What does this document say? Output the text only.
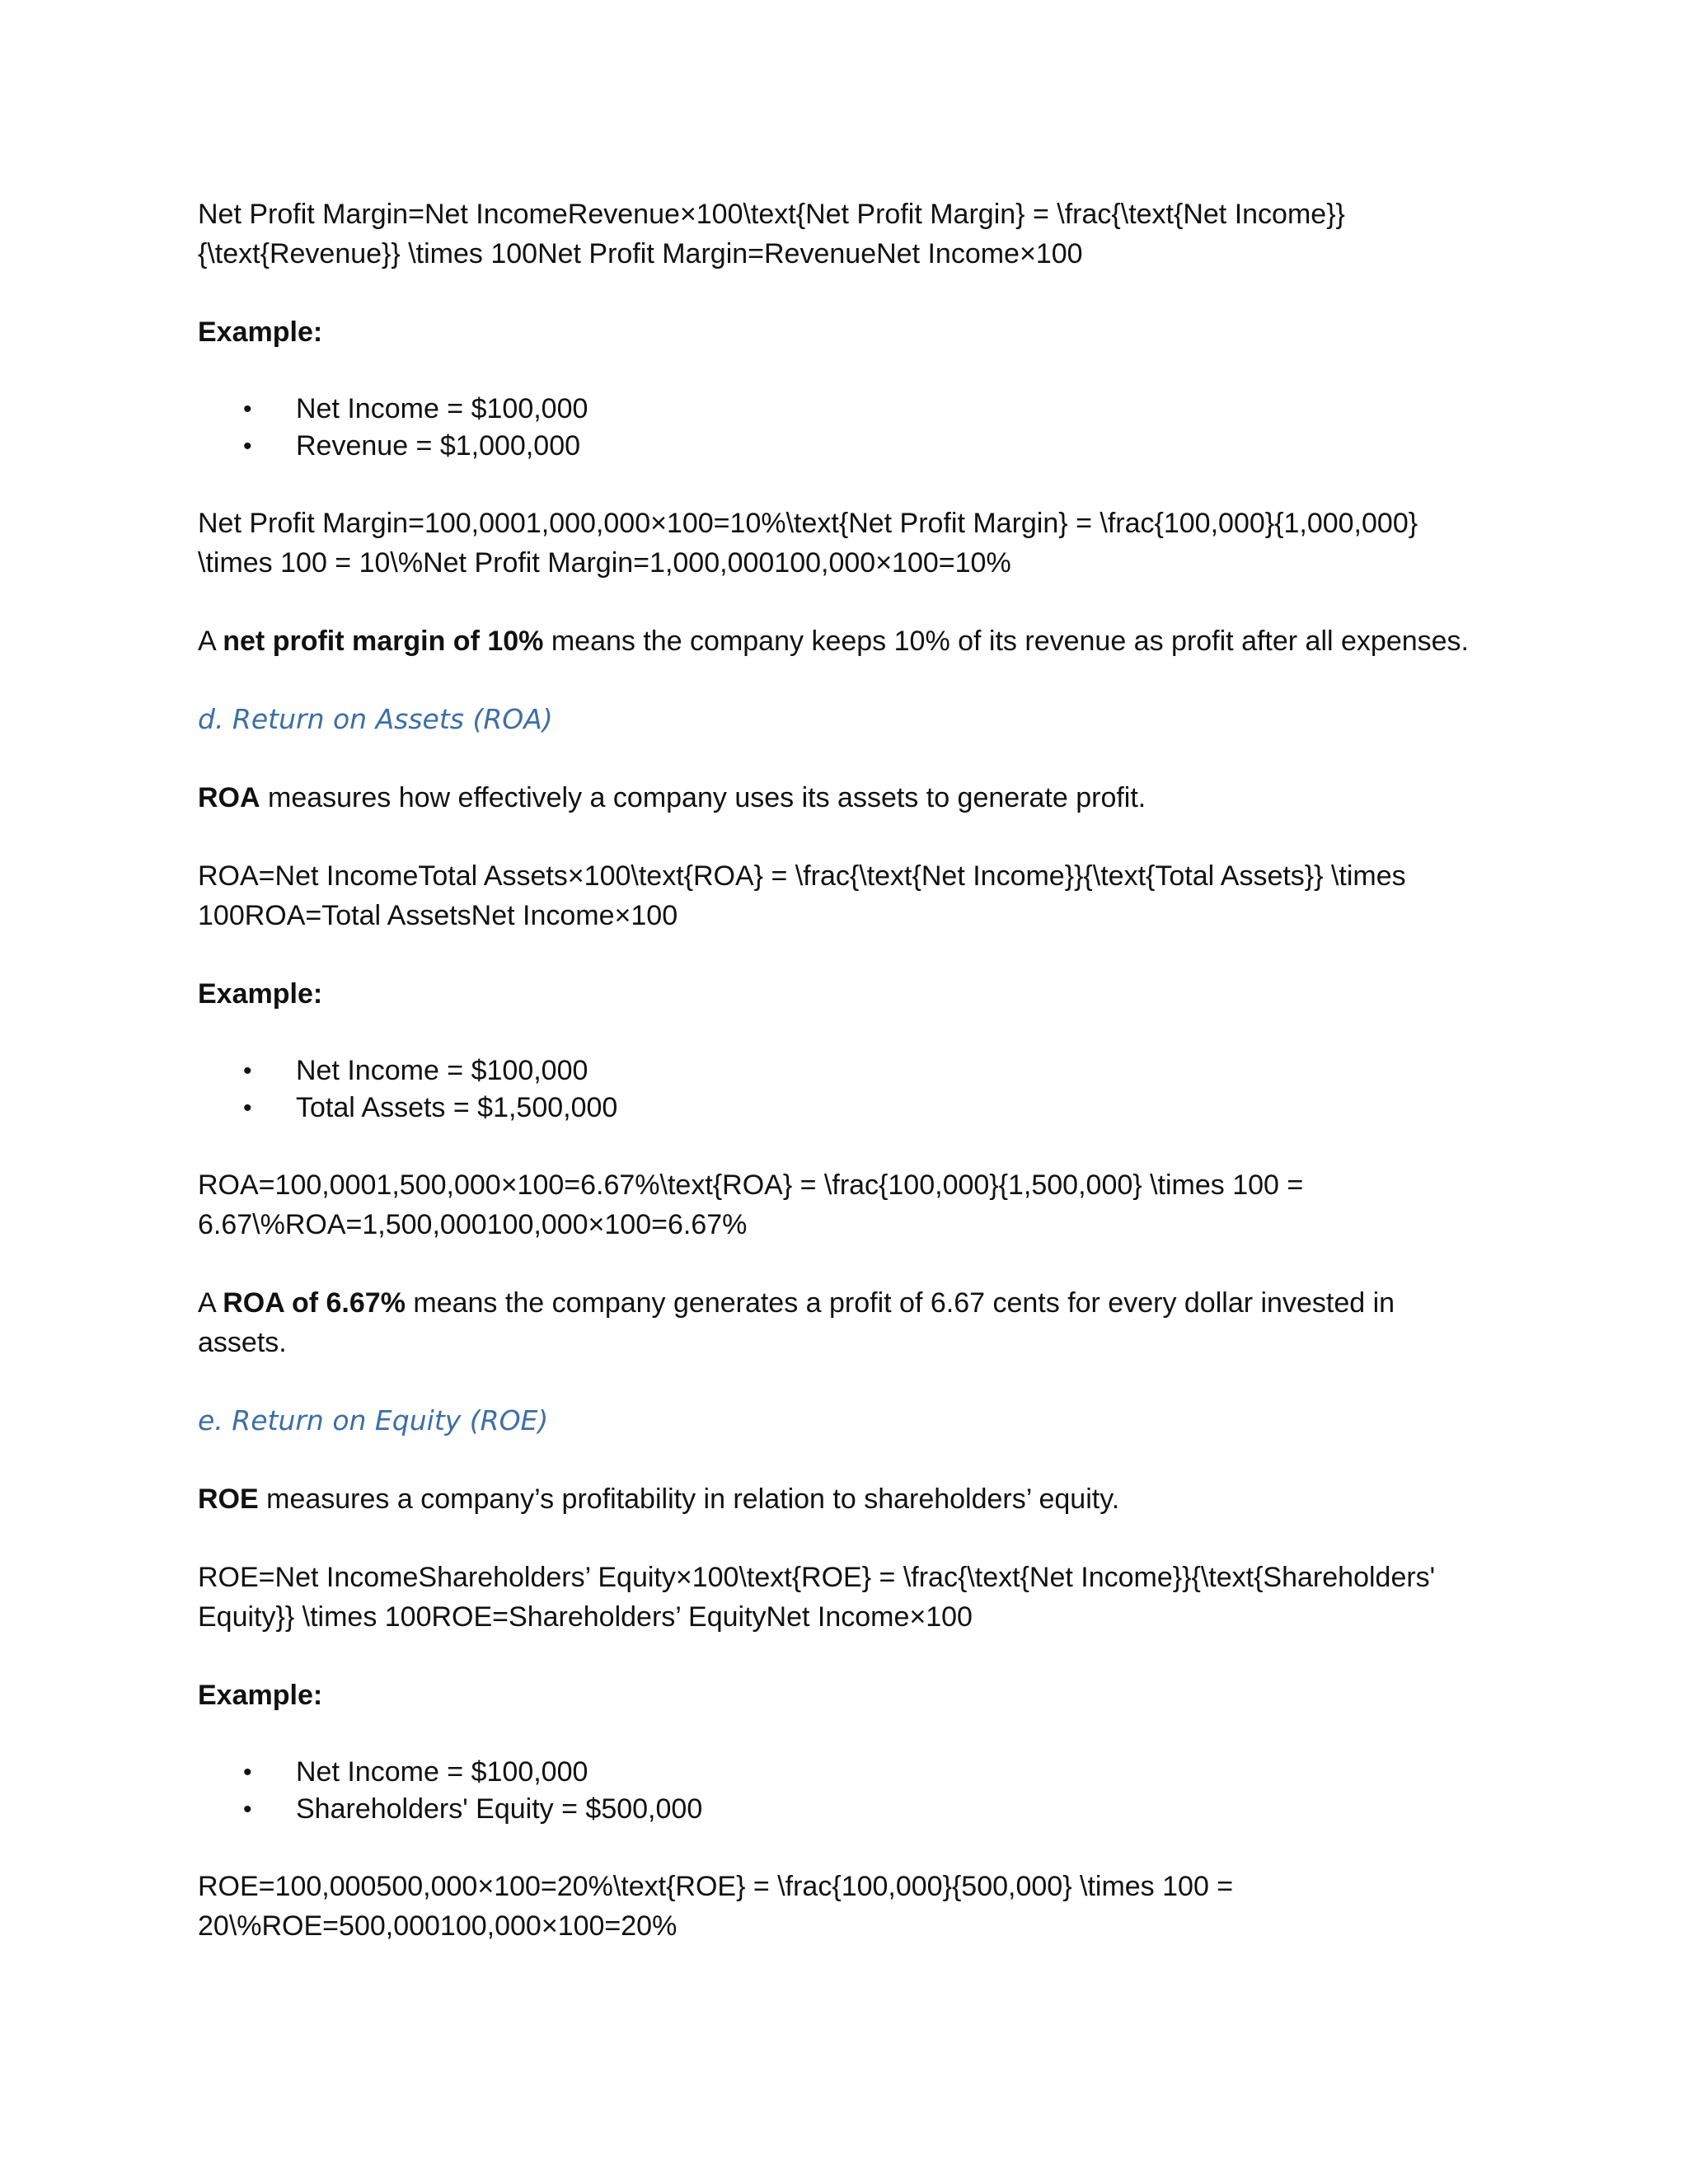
Net Profit Margin=Net IncomeRevenue×100\text{Net Profit Margin} = \frac{\text{Net Income}}{\text{Revenue}} \times 100Net Profit Margin=RevenueNet Income×100

Example:

• Net Income = $100,000
• Revenue = $1,000,000

Net Profit Margin=100,0001,000,000×100=10%\text{Net Profit Margin} = \frac{100,000}{1,000,000} \times 100 = 10\%Net Profit Margin=1,000,000100,000×100=10%

A net profit margin of 10% means the company keeps 10% of its revenue as profit after all expenses.

d. Return on Assets (ROA)

ROA measures how effectively a company uses its assets to generate profit.

ROA=Net IncomeTotal Assets×100\text{ROA} = \frac{\text{Net Income}}{\text{Total Assets}} \times 100ROA=Total AssetsNet Income×100

Example:

• Net Income = $100,000
• Total Assets = $1,500,000

ROA=100,0001,500,000×100=6.67%\text{ROA} = \frac{100,000}{1,500,000} \times 100 = 6.67\%ROA=1,500,000100,000×100=6.67%

A ROA of 6.67% means the company generates a profit of 6.67 cents for every dollar invested in assets.

e. Return on Equity (ROE)

ROE measures a company’s profitability in relation to shareholders’ equity.

ROE=Net IncomeShareholders’ Equity×100\text{ROE} = \frac{\text{Net Income}}{\text{Shareholders' Equity}} \times 100ROE=Shareholders’ EquityNet Income×100

Example:

• Net Income = $100,000
• Shareholders' Equity = $500,000

ROE=100,000500,000×100=20%\text{ROE} = \frac{100,000}{500,000} \times 100 = 20\%ROE=500,000100,000×100=20%
